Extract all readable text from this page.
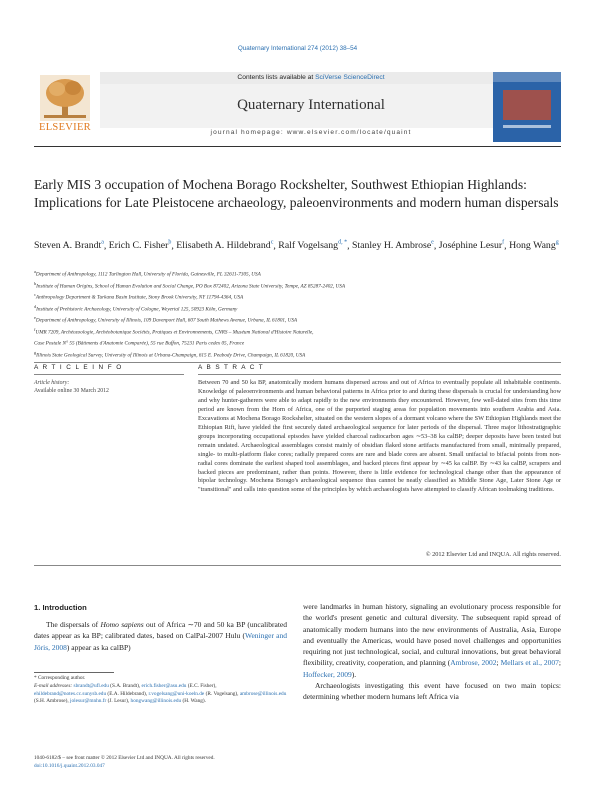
Quaternary International 274 (2012) 38–54
ELSEVIER
Contents lists available at SciVerse ScienceDirect
Quaternary International
journal homepage: www.elsevier.com/locate/quaint
Early MIS 3 occupation of Mochena Borago Rockshelter, Southwest Ethiopian Highlands: Implications for Late Pleistocene archaeology, paleoenvironments and modern human dispersals
Steven A. Brandt$^a$, Erich C. Fisher$^b$, Elisabeth A. Hildebrand$^c$, Ralf Vogelsang$^{d, *}$, Stanley H. Ambrose$^e$, Joséphine Lesur$^f$, Hong Wang$^g$
$^a$Department of Anthropology, 1112 Turlington Hall, University of Florida, Gainesville, FL 32611-7305, USA
$^b$Institute of Human Origins, School of Human Evolution and Social Change, PO Box 872402, Arizona State University, Tempe, AZ 85287-2402, USA
$^c$Anthropology Department & Turkana Basin Institute, Stony Brook University, NY 11794-4364, USA
$^d$Institute of Prehistoric Archaeology, University of Cologne, Weyertal 125, 50923 Köln, Germany
$^e$Department of Anthropology, University of Illinois, 109 Davenport Hall, 607 South Mathews Avenue, Urbana, IL 61801, USA
$^f$UMR 7209, Archéozoologie, Archéobotanique Sociétés, Pratiques et Environnements, CNRS – Muséum National d'Histoire Naturelle,
Case Postale N° 55 (Bâtiments d'Anatomie Comparée), 55 rue Buffon, 75231 Paris cedex 05, France
$^g$Illinois State Geological Survey, University of Illinois at Urbana-Champaign, 615 E. Peabody Drive, Champaign, IL 61820, USA
A R T I C L E I N F O	A B S T R A C T
Article history:
Available online 30 March 2012
Between 70 and 50 ka BP, anatomically modern humans dispersed across and out of Africa to eventually populate all inhabitable continents. Knowledge of paleoenvironments and human behavioral patterns in Africa prior to and during these dispersals is crucial for understanding how and why hunter-gatherers were able to adapt rapidly to the new environments they encountered. However, few well-dated sites from this time period are known from the Horn of Africa, one of the purported staging areas for population movements into southern Arabia and Asia. Excavations at Mochena Borago Rockshelter, situated on the western slopes of a dormant volcano where the SW Ethiopian Highlands meet the Ethiopian Rift, have yielded the first securely dated archaeological sequence for later periods of the dispersal. Three major lithostratigraphic groups incorporating occupational episodes have yielded charcoal radiocarbon ages ∼53–38 ka calBP; deeper deposits have been tested but remain undated. Archaeological assemblages consist mainly of obsidian flaked stone artifacts manufactured from small, minimally prepared, single- to multi-platform flake cores; radially prepared cores are rare and blade cores are absent. Small unifacial to bifacial points from non-radial cores dominate the earliest shaped tool assemblages, and backed pieces first appear by ∼45 ka calBP. By ∼43 ka calBP, scrapers and backed pieces are predominant, rather than points. However, there is little evidence for technological change other than the appearance of bipolar technology. Mochena Borago's archaeological sequence thus cannot be neatly classified as Middle Stone Age, Later Stone Age or "transitional" and calls into question some of the principles by which archaeologists have attempted to classify African toolmaking traditions.
© 2012 Elsevier Ltd and INQUA. All rights reserved.
1. Introduction
The dispersals of Homo sapiens out of Africa ∼70 and 50 ka BP (uncalibrated dates appear as ka BP; calibrated dates, based on CalPal-2007 Hulu (Weninger and Jöris, 2008) appear as ka calBP)
* Corresponding author.
E-mail addresses: sbrandt@ufl.edu (S.A. Brandt), erich.fisher@asu.edu (E.C. Fisher), ehildebrand@notes.cc.sunysb.edu (E.A. Hildebrand), r.vogelsang@uni-koeln.de (R. Vogelsang), ambrose@illinois.edu (S.H. Ambrose), jolesur@mnhn.fr (J. Lesur), hongwang@illinois.edu (H. Wang).
1040-6182/$ – see front matter © 2012 Elsevier Ltd and INQUA. All rights reserved.
doi:10.1016/j.quaint.2012.03.047

were landmarks in human history, signaling an evolutionary process responsible for the world's present genetic and cultural diversity. The subsequent rapid spread of anatomically modern humans into the new environments of Australia, Asia, Europe and eventually the Americas, would have posed novel challenges and opportunities requiring not just technological, social, and cultural innovations, but great behavioral flexibility, creativity, cooperation, and planning (Ambrose, 2002; Mellars et al., 2007; Hoffecker, 2009).

Archaeologists investigating this event have focused on two main topics: determining whether modern humans left Africa via
